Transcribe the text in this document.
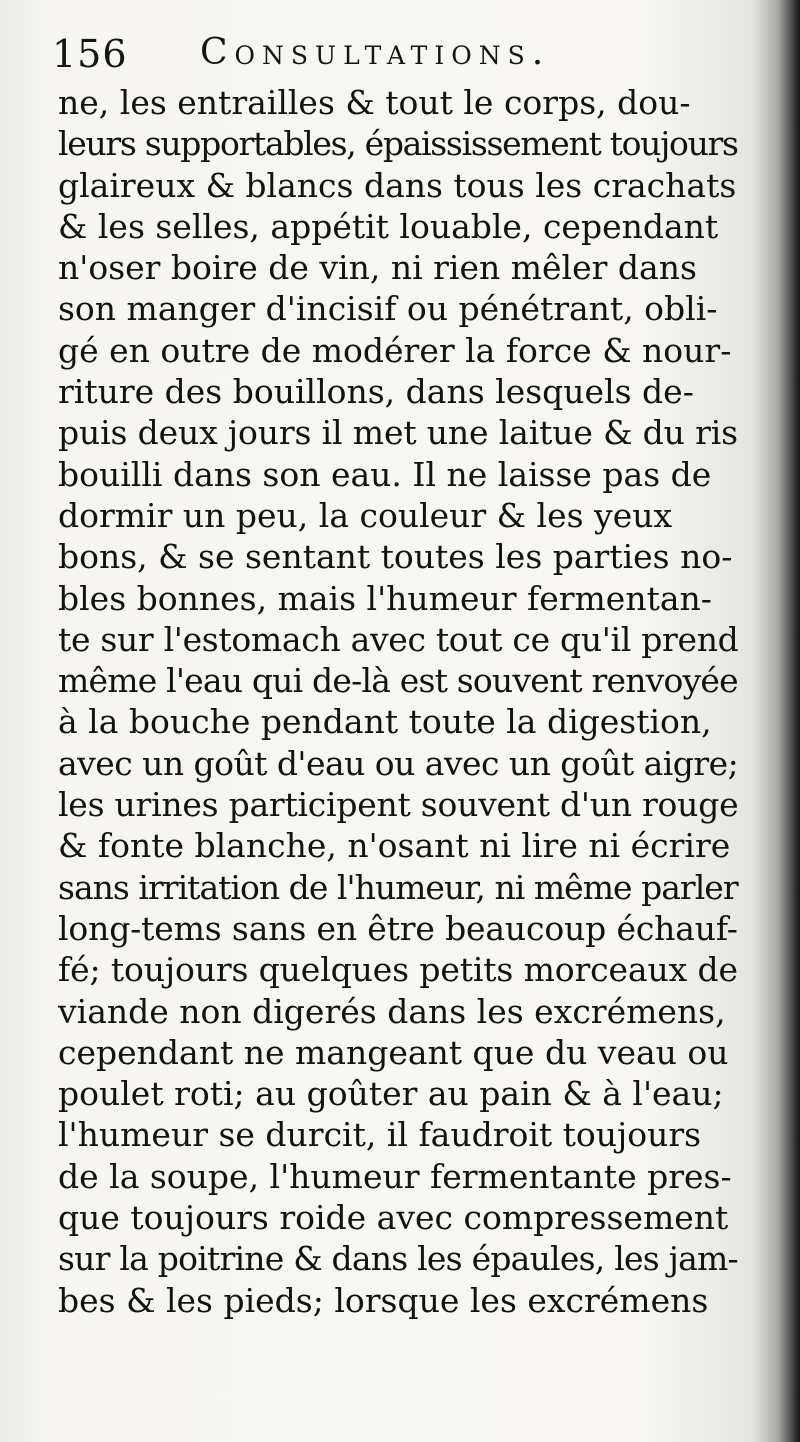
156 Consultations.
ne, les entrailles & tout le corps, dou-
leurs supportables, épaississement toujours
glaireux & blancs dans tous les crachats
& les selles, appétit louable, cependant
n'oser boire de vin, ni rien mêler dans
son manger d'incisif ou pénétrant, obli-
gé en outre de modérer la force & nour-
riture des bouillons, dans lesquels de-
puis deux jours il met une laitue & du ris
bouilli dans son eau. Il ne laisse pas de
dormir un peu, la couleur & les yeux
bons, & se sentant toutes les parties no-
bles bonnes, mais l'humeur fermentan-
te sur l'estomach avec tout ce qu'il prend
même l'eau qui de-là est souvent renvoyée
à la bouche pendant toute la digestion,
avec un goût d'eau ou avec un goût aigre;
les urines participent souvent d'un rouge
& fonte blanche, n'osant ni lire ni écrire
sans irritation de l'humeur, ni même parler
long-tems sans en être beaucoup échauf-
fé; toujours quelques petits morceaux de
viande non digerés dans les excrémens,
cependant ne mangeant que du veau ou
poulet roti; au goûter au pain & à l'eau;
l'humeur se durcit, il faudroit toujours
de la soupe, l'humeur fermentante pres-
que toujours roide avec compressement
sur la poitrine & dans les épaules, les jam-
bes & les pieds; lorsque les excrémens
